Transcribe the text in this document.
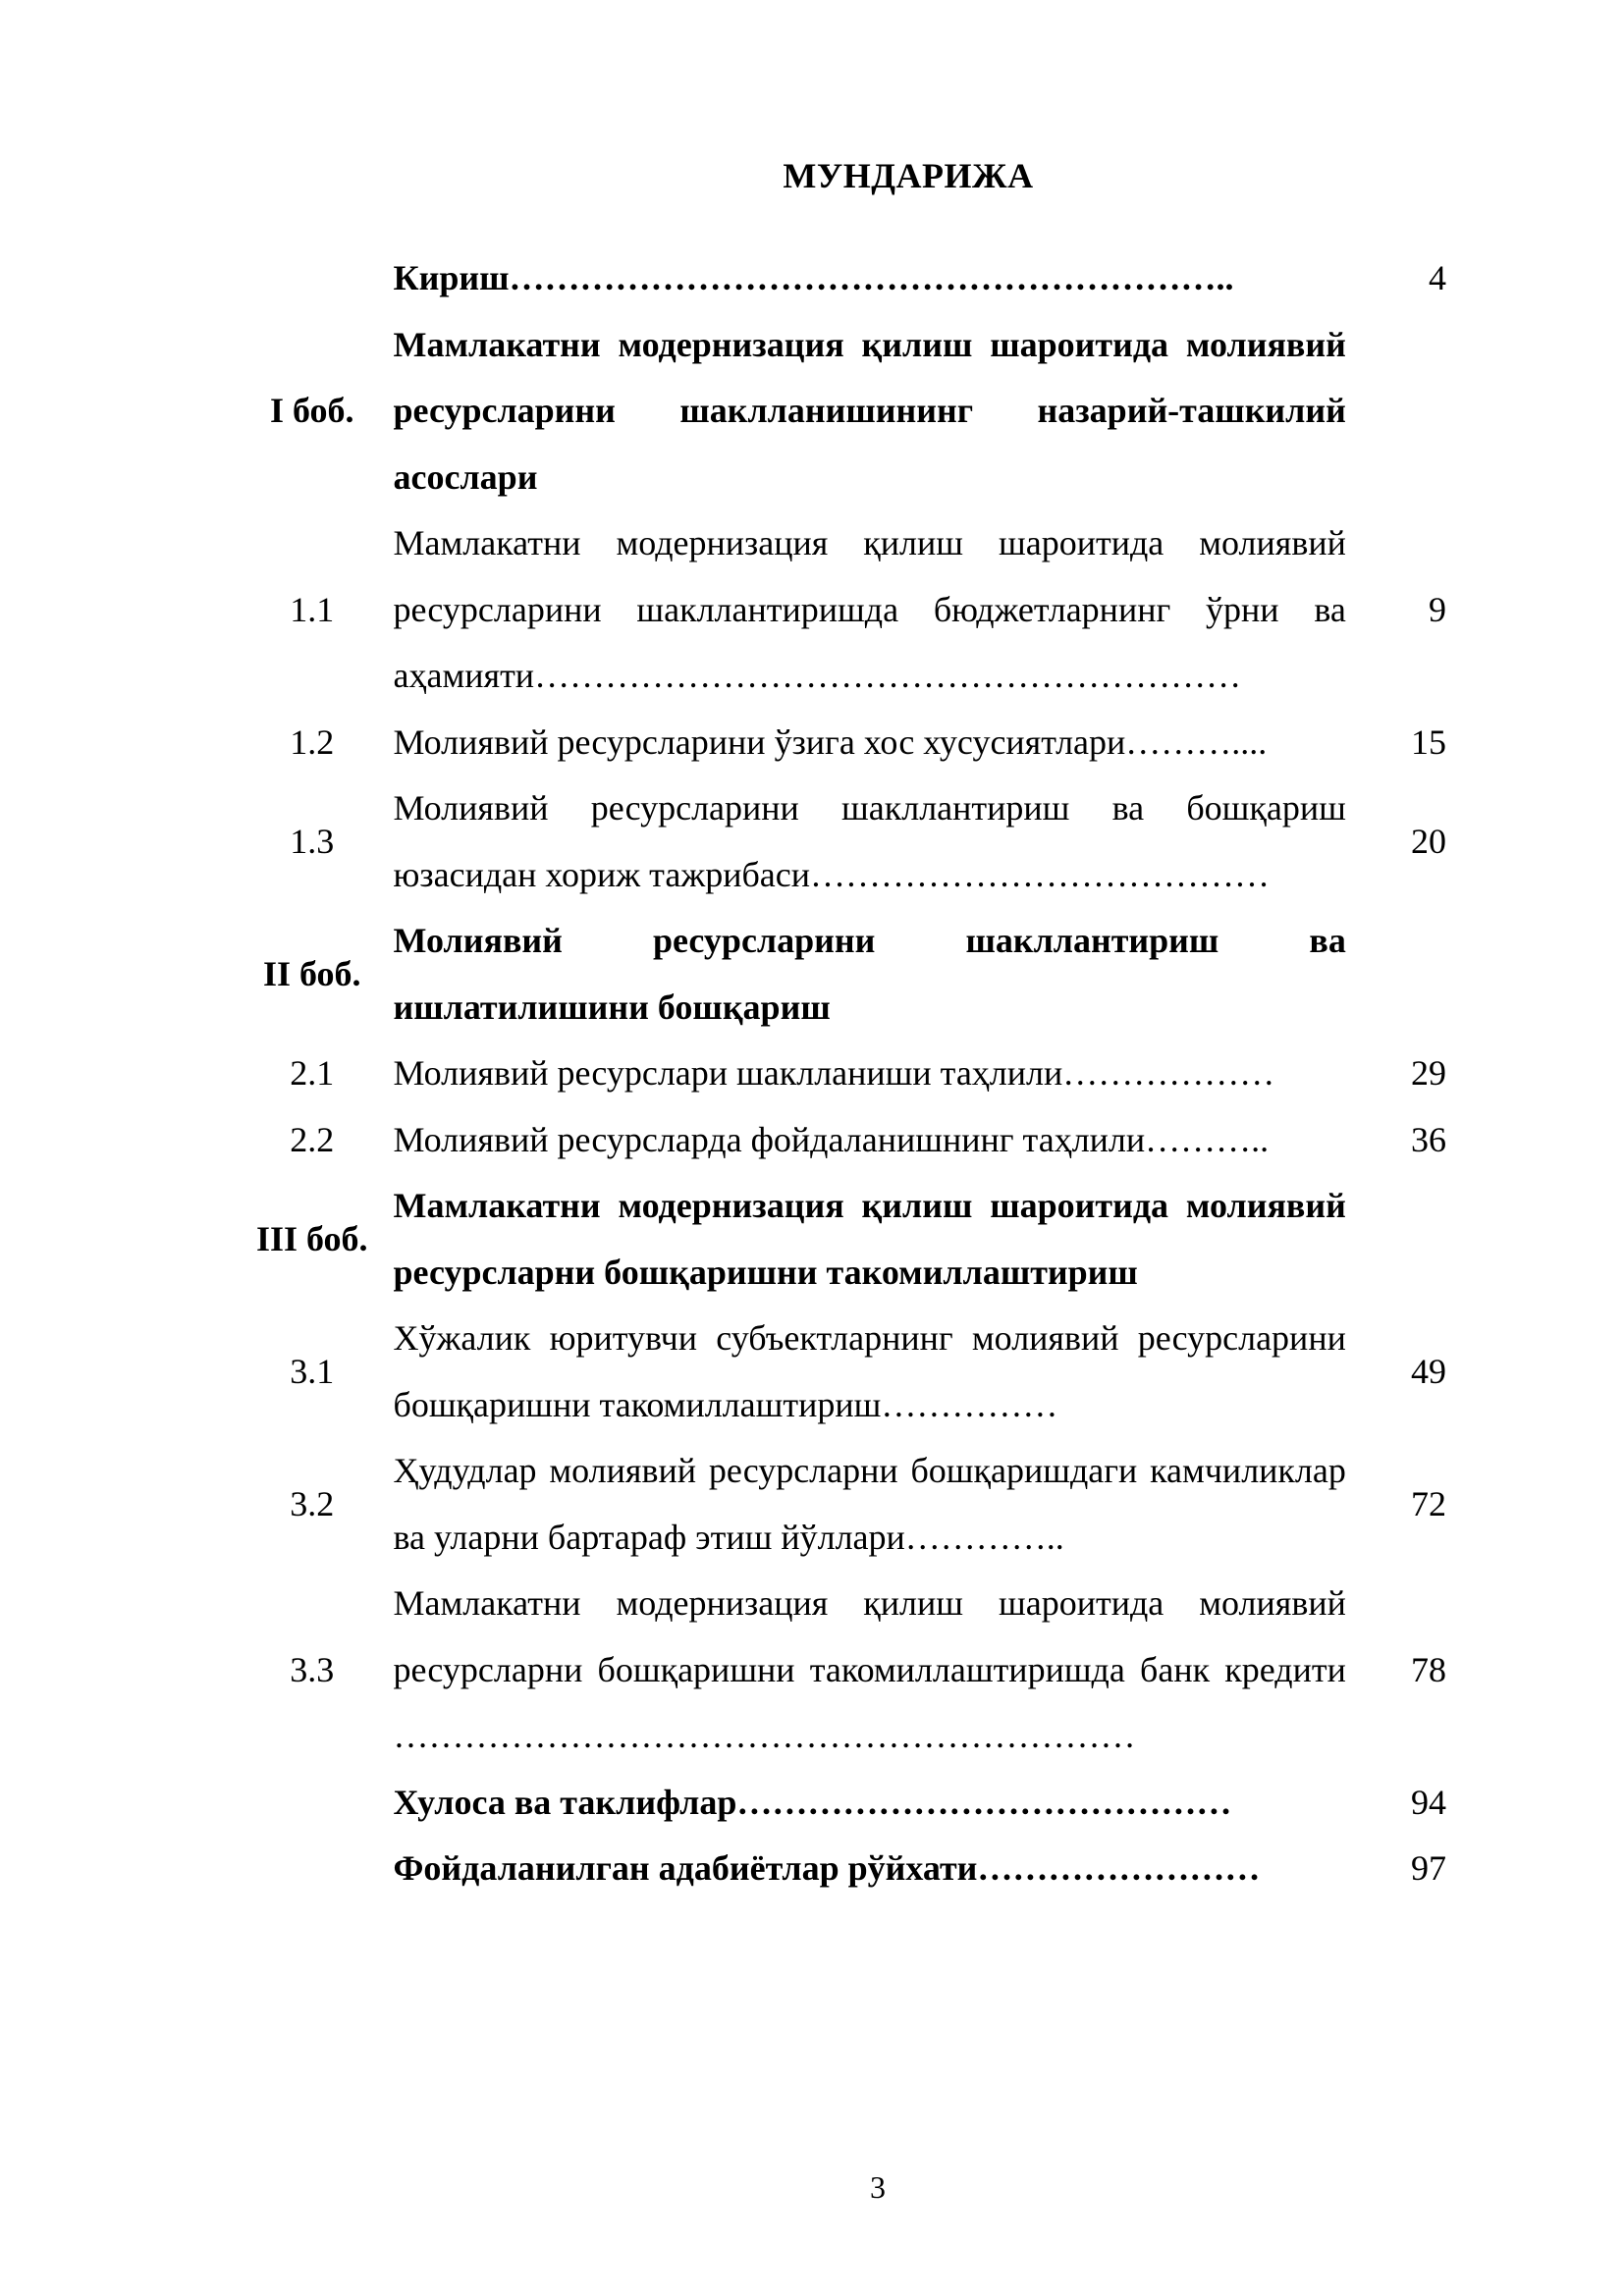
МУНДАРИЖА
	Кириш……………………………………………………..	4
I боб.	Мамлакатни модернизация қилиш шароитида молиявий ресурсларини шаклланишининг назарий-ташкилий асослари	
1.1	Мамлакатни модернизация қилиш шароитида молиявий ресурсларини шакллантиришда бюджетларнинг ўрни ва аҳамияти……………………………………………………	9
1.2	Молиявий ресурсларини ўзига хос хусусиятлари………....	15
1.3	Молиявий ресурсларини шакллантириш ва бошқариш юзасидан хориж тажрибаси…………………………………	20
II боб.	Молиявий ресурсларини шакллантириш ва ишлатилишини бошқариш	
2.1	Молиявий ресурслари шаклланиши таҳлили………………	29
2.2	Молиявий ресурсларда фойдаланишнинг таҳлили………..	36
III боб.	Мамлакатни модернизация қилиш шароитида молиявий ресурсларни бошқаришни такомиллаштириш	
3.1	Хўжалик юритувчи субъектларнинг молиявий ресурсларини бошқаришни такомиллаштириш……………	49
3.2	Ҳудудлар молиявий ресурсларни бошқаришдаги камчиликлар ва уларни бартараф этиш йўллари…………..	72
3.3	Мамлакатни модернизация қилиш шароитида молиявий ресурсларни бошқаришни такомиллаштиришда банк кредити ………………………………………………………	78
	Хулоса ва таклифлар……………………………………	94
	Фойдаланилган адабиётлар рўйхати……………………	97
3
